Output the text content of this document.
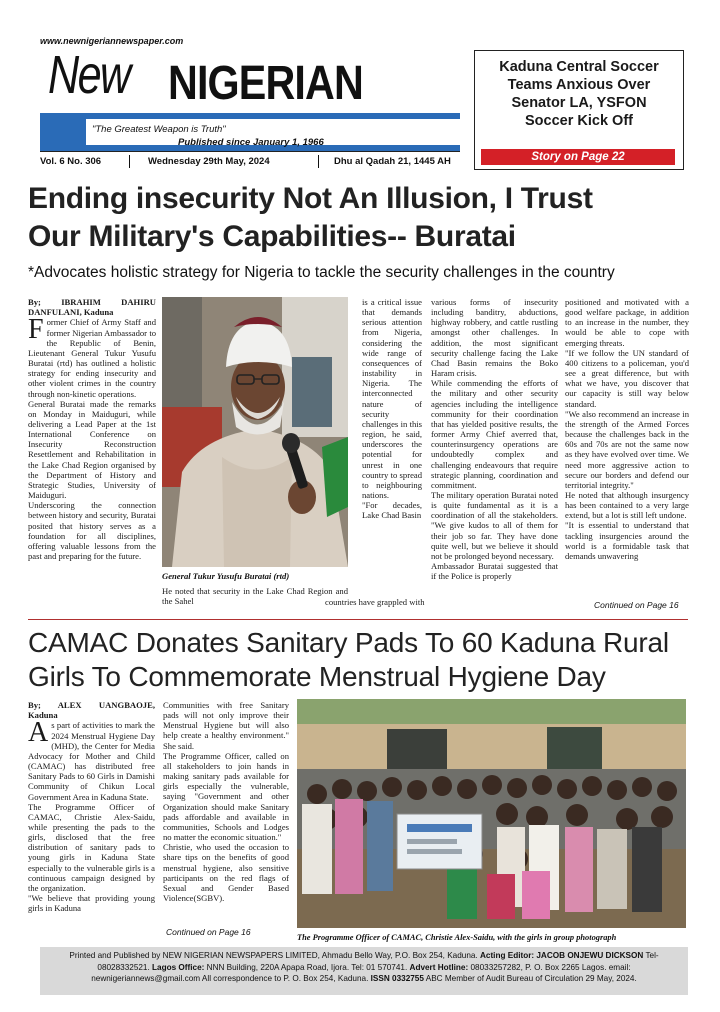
www.newnigeriannewspaper.com
New NIGERIAN
"The Greatest Weapon is Truth"
Published since January 1, 1966
Vol. 6 No. 306	Wednesday 29th May, 2024	Dhu al Qadah 21, 1445 AH
Kaduna Central Soccer
Teams Anxious Over
Senator LA, YSFON
Soccer Kick Off
Story on Page 22
Ending insecurity Not An Illusion, I Trust
Our Military's Capabilities-- Buratai
*Advocates holistic strategy for Nigeria to tackle the security challenges in the country

By; IBRAHIM DAHIRU DANFULANI, Kaduna

Former Chief of Army Staff and former Nigerian Ambassador to the Republic of Benin, Lieutenant General Tukur Yusufu Buratai (rtd) has outlined a holistic strategy for ending insecurity and other violent crimes in the country through non-kinetic operations.

General Buratai made the remarks on Monday in Maiduguri, while delivering a Lead Paper at the 1st International Conference on Insecurity Reconstruction Resettlement and Rehabilitation in the Lake Chad Region organised by the Department of History and Strategic Studies, University of Maiduguri.

Underscoring the connection between history and security, Buratai posited that history serves as a foundation for all disciplines, offering valuable lessons from the past and preparing for the future.

General Tukur Yusufu Buratai (rtd)

He noted that security in the Lake Chad Region and the Sahel

is a critical issue that demands serious attention from Nigeria, considering the wide range of consequences of instability in Nigeria. The interconnected nature of security challenges in this region, he said, underscores the potential for unrest in one country to spread to neighbouring nations.

"For decades, Lake Chad Basin

countries have grappled with

various forms of insecurity including banditry, abductions, highway robbery, and cattle rustling amongst other challenges. In addition, the most significant security challenge facing the Lake Chad Basin remains the Boko Haram crisis.

While commending the efforts of the military and other security agencies including the intelligence community for their coordination that has yielded positive results, the former Army Chief averred that, counterinsurgency operations are undoubtedly complex and challenging endeavours that require strategic planning, coordination and commitment.

The military operation Buratai noted is quite fundamental as it is a coordination of all the stakeholders. "We give kudos to all of them for their job so far. They have done quite well, but we believe it should not be prolonged beyond necessary.

Ambassador Buratai suggested that if the Police is properly

positioned and motivated with a good welfare package, in addition to an increase in the number, they would be able to cope with emerging threats.

"If we follow the UN standard of 400 citizens to a policeman, you'd see a great difference, but with what we have, you discover that our capacity is still way below standard.

"We also recommend an increase in the strength of the Armed Forces because the challenges back in the 60s and 70s are not the same now as they have evolved over time. We need more aggressive action to secure our borders and defend our territorial integrity."

He noted that although insurgency has been contained to a very large extend, but a lot is still left undone.

"It is essential to understand that tackling insurgencies around the world is a formidable task that demands unwavering

Continued on Page 16
CAMAC Donates Sanitary Pads To 60 Kaduna Rural
Girls To Commemorate Menstrual Hygiene Day

By; ALEX UANGBAOJE, Kaduna

As part of activities to mark the 2024 Menstrual Hygiene Day (MHD), the Center for Media Advocacy for Mother and Child (CAMAC) has distributed free Sanitary Pads to 60 Girls in Damishi Community of Chikun Local Government Area in Kaduna State.

The Programme Officer of CAMAC, Christie Alex-Saidu, while presenting the pads to the girls, disclosed that the free distribution of sanitary pads to young girls in Kaduna State especially to the vulnerable girls is a continuous campaign designed by the organization.

"We believe that providing young girls in Kaduna

Communities with free Sanitary pads will not only improve their Menstrual Hygiene but will also help create a healthy environment." She said.

The Programme Officer, called on all stakeholders to join hands in making sanitary pads available for girls especially the vulnerable, saying "Government and other Organization should make Sanitary pads affordable and available in communities, Schools and Lodges no matter the economic situation."

Christie, who used the occasion to share tips on the benefits of good menstrual hygiene, also sensitive participants on the red flags of Sexual and Gender Based Violence(SGBV).

Continued on Page 16
The Programme Officer of CAMAC, Christie Alex-Saidu, with the girls in group photograph
Printed and Published by NEW NIGERIAN NEWSPAPERS LIMITED, Ahmadu Bello Way, P.O. Box 254, Kaduna. Acting Editor: JACOB ONJEWU DICKSON Tel-08028332521. Lagos Office: NNN Building, 220A Apapa Road, Ijora. Tel: 01 570741. Advert Hotline: 08033257282, P. O. Box 2265 Lagos. email: newnigeriannews@gmail.com All correspondence to P. O. Box 254, Kaduna. ISSN 0332755 ABC Member of Audit Bureau of Circulation 29 May, 2024.
